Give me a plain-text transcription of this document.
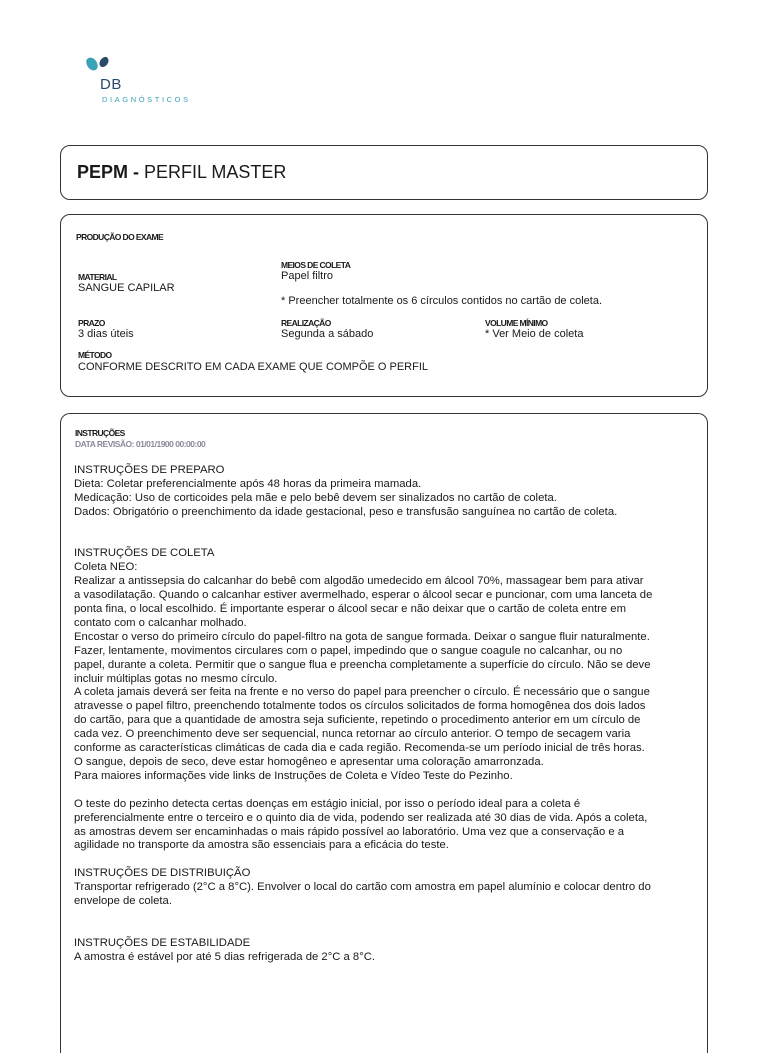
DB
DIAGNÓSTICOS
PEPM - PERFIL MASTER
PRODUÇÃO DO EXAME
MEIOS DE COLETA
Papel filtro
MATERIAL
SANGUE CAPILAR
* Preencher totalmente os 6 círculos contidos no cartão de coleta.
PRAZO
3 dias úteis
REALIZAÇÃO
Segunda a sábado
VOLUME MÍNIMO
* Ver Meio de coleta
MÉTODO
CONFORME DESCRITO EM CADA EXAME QUE COMPÕE O PERFIL
INSTRUÇÕES
DATA REVISÃO: 01/01/1900 00:00:00

INSTRUÇÕES DE PREPARO
Dieta: Coletar preferencialmente após 48 horas da primeira mamada.
Medicação: Uso de corticoides pela mãe e pelo bebê devem ser sinalizados no cartão de coleta.
Dados: Obrigatório o preenchimento da idade gestacional, peso e transfusão sanguínea no cartão de coleta.

INSTRUÇÕES DE COLETA
Coleta NEO:
Realizar a antissepsia do calcanhar do bebê com algodão umedecido em álcool 70%, massagear bem para ativar
a vasodilatação. Quando o calcanhar estiver avermelhado, esperar o álcool secar e puncionar, com uma lanceta de
ponta fina, o local escolhido. É importante esperar o álcool secar e não deixar que o cartão de coleta entre em
contato com o calcanhar molhado.
Encostar o verso do primeiro círculo do papel-filtro na gota de sangue formada. Deixar o sangue fluir naturalmente.
Fazer, lentamente, movimentos circulares com o papel, impedindo que o sangue coagule no calcanhar, ou no
papel, durante a coleta. Permitir que o sangue flua e preencha completamente a superfície do círculo. Não se deve
incluir múltiplas gotas no mesmo círculo.
A coleta jamais deverá ser feita na frente e no verso do papel para preencher o círculo. É necessário que o sangue
atravesse o papel filtro, preenchendo totalmente todos os círculos solicitados de forma homogênea dos dois lados
do cartão, para que a quantidade de amostra seja suficiente, repetindo o procedimento anterior em um círculo de
cada vez. O preenchimento deve ser sequencial, nunca retornar ao círculo anterior. O tempo de secagem varia
conforme as características climáticas de cada dia e cada região. Recomenda-se um período inicial de três horas.
O sangue, depois de seco, deve estar homogêneo e apresentar uma coloração amarronzada.
Para maiores informações vide links de Instruções de Coleta e Vídeo Teste do Pezinho.

O teste do pezinho detecta certas doenças em estágio inicial, por isso o período ideal para a coleta é
preferencialmente entre o terceiro e o quinto dia de vida, podendo ser realizada até 30 dias de vida. Após a coleta,
as amostras devem ser encaminhadas o mais rápido possível ao laboratório. Uma vez que a conservação e a
agilidade no transporte da amostra são essenciais para a eficácia do teste.

INSTRUÇÕES DE DISTRIBUIÇÃO
Transportar refrigerado (2°C a 8°C). Envolver o local do cartão com amostra em papel alumínio e colocar dentro do
envelope de coleta.

INSTRUÇÕES DE ESTABILIDADE
A amostra é estável por até 5 dias refrigerada de 2°C a 8°C.
